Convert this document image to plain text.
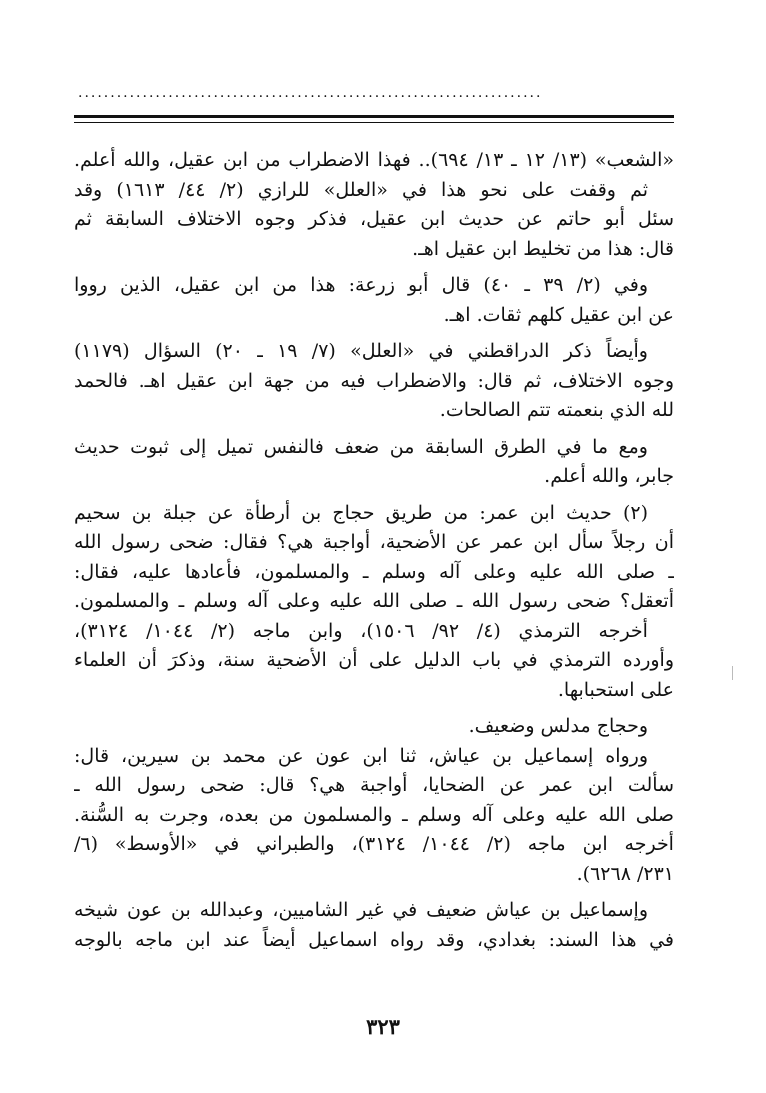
........................................................................
«الشعب» (١٣/ ١٢ ـ ١٣/ ٦٩٤).. فهذا الاضطراب من ابن عقيل، والله أعلم.
ثم وقفت على نحو هذا في «العلل» للرازي (٢/ ٤٤/ ١٦١٣) وقد
سئل أبو حاتم عن حديث ابن عقيل، فذكر وجوه الاختلاف السابقة ثم
قال: هذا من تخليط ابن عقيل اهـ.
وفي (٢/ ٣٩ ـ ٤٠) قال أبو زرعة: هذا من ابن عقيل، الذين رووا
عن ابن عقيل كلهم ثقات. اهـ.
وأيضاً ذكر الدراقطني في «العلل» (٧/ ١٩ ـ ٢٠) السؤال (١١٧٩)
وجوه الاختلاف، ثم قال: والاضطراب فيه من جهة ابن عقيل اهـ. فالحمد
لله الذي بنعمته تتم الصالحات.
ومع ما في الطرق السابقة من ضعف فالنفس تميل إلى ثبوت حديث
جابر، والله أعلم.
(٢) حديث ابن عمر: من طريق حجاج بن أرطأة عن جبلة بن سحيم
أن رجلاً سأل ابن عمر عن الأضحية، أواجبة هي؟ فقال: ضحى رسول الله
ـ صلى الله عليه وعلى آله وسلم ـ والمسلمون، فأعادها عليه، فقال:
أتعقل؟ ضحى رسول الله ـ صلى الله عليه وعلى آله وسلم ـ والمسلمون.
أخرجه الترمذي (٤/ ٩٢/ ١٥٠٦)، وابن ماجه (٢/ ١٠٤٤/ ٣١٢٤)،
وأورده الترمذي في باب الدليل على أن الأضحية سنة، وذكرَ أن العلماء
على استحبابها.
وحجاج مدلس وضعيف.
ورواه إسماعيل بن عياش، ثنا ابن عون عن محمد بن سيرين، قال:
سألت ابن عمر عن الضحايا، أواجبة هي؟ قال: ضحى رسول الله ـ
صلى الله عليه وعلى آله وسلم ـ والمسلمون من بعده، وجرت به السُّنة.
أخرجه ابن ماجه (٢/ ١٠٤٤/ ٣١٢٤)، والطبراني في «الأوسط» (٦/
٢٣١/ ٦٢٦٨).
وإسماعيل بن عياش ضعيف في غير الشاميين، وعبدالله بن عون شيخه
في هذا السند: بغدادي، وقد رواه اسماعيل أيضاً عند ابن ماجه بالوجه
٣٢٣
